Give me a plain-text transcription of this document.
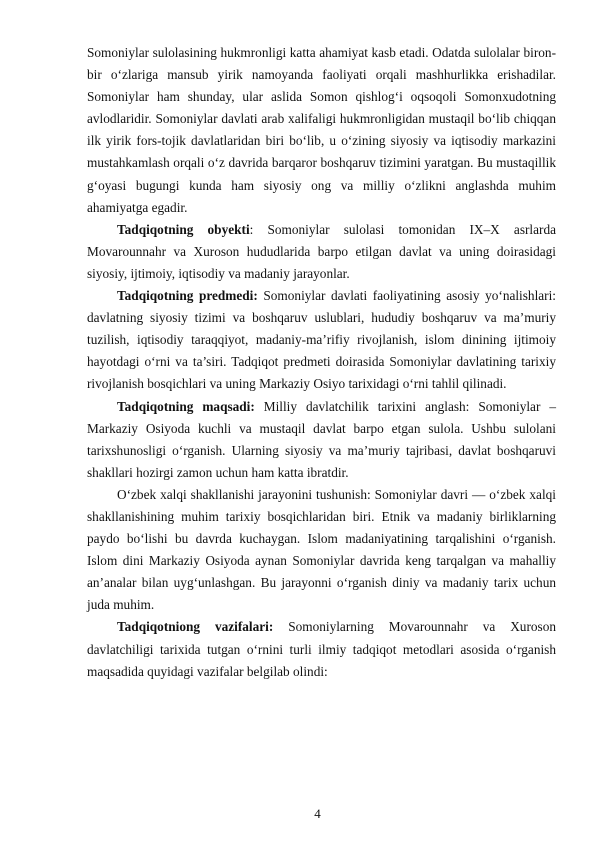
Somoniylar sulolasining hukmronligi katta ahamiyat kasb etadi. Odatda sulolalar biron-bir oʻzlariga mansub yirik namoyanda faoliyati orqali mashhurlikka erishadilar. Somoniylar ham shunday, ular aslida Somon qishlogʻi oqsoqoli Somonxudotning avlodlaridir. Somoniylar davlati arab xalifaligi hukmronligidan mustaqil bo‘lib chiqqan ilk yirik fors-tojik davlatlaridan biri bo‘lib, u o‘zining siyosiy va iqtisodiy markazini mustahkamlash orqali o‘z davrida barqaror boshqaruv tizimini yaratgan. Bu mustaqillik g‘oyasi bugungi kunda ham siyosiy ong va milliy o‘zlikni anglashda muhim ahamiyatga egadir.

Tadqiqotning obyekti: Somoniylar sulolasi tomonidan IX–X asrlarda Movarounnahr va Xuroson hududlarida barpo etilgan davlat va uning doirasidagi siyosiy, ijtimoiy, iqtisodiy va madaniy jarayonlar.

Tadqiqotning predmedi: Somoniylar davlati faoliyatining asosiy yoʻnalishlari: davlatning siyosiy tizimi va boshqaruv uslublari, hududiy boshqaruv va ma’muriy tuzilish, iqtisodiy taraqqiyot, madaniy-ma’rifiy rivojlanish, islom dinining ijtimoiy hayotdagi oʻrni va ta’siri. Tadqiqot predmeti doirasida Somoniylar davlatining tarixiy rivojlanish bosqichlari va uning Markaziy Osiyo tarixidagi oʻrni tahlil qilinadi.

Tadqiqotning maqsadi: Milliy davlatchilik tarixini anglash: Somoniylar – Markaziy Osiyoda kuchli va mustaqil davlat barpo etgan sulola. Ushbu sulolani tarixshunosligi oʻrganish. Ularning siyosiy va ma’muriy tajribasi, davlat boshqaruvi shakllari hozirgi zamon uchun ham katta ibratdir.

Oʻzbek xalqi shakllanishi jarayonini tushunish: Somoniylar davri — oʻzbek xalqi shakllanishining muhim tarixiy bosqichlaridan biri. Etnik va madaniy birliklarning paydo boʻlishi bu davrda kuchaygan. Islom madaniyatining tarqalishini oʻrganish. Islom dini Markaziy Osiyoda aynan Somoniylar davrida keng tarqalgan va mahalliy an’analar bilan uygʻunlashgan. Bu jarayonni oʻrganish diniy va madaniy tarix uchun juda muhim.

Tadqiqotniong vazifalari: Somoniylarning Movarounnahr va Xuroson davlatchiligi tarixida tutgan oʻrnini turli ilmiy tadqiqot metodlari asosida oʻrganish maqsadida quyidagi vazifalar belgilab olindi:

4
